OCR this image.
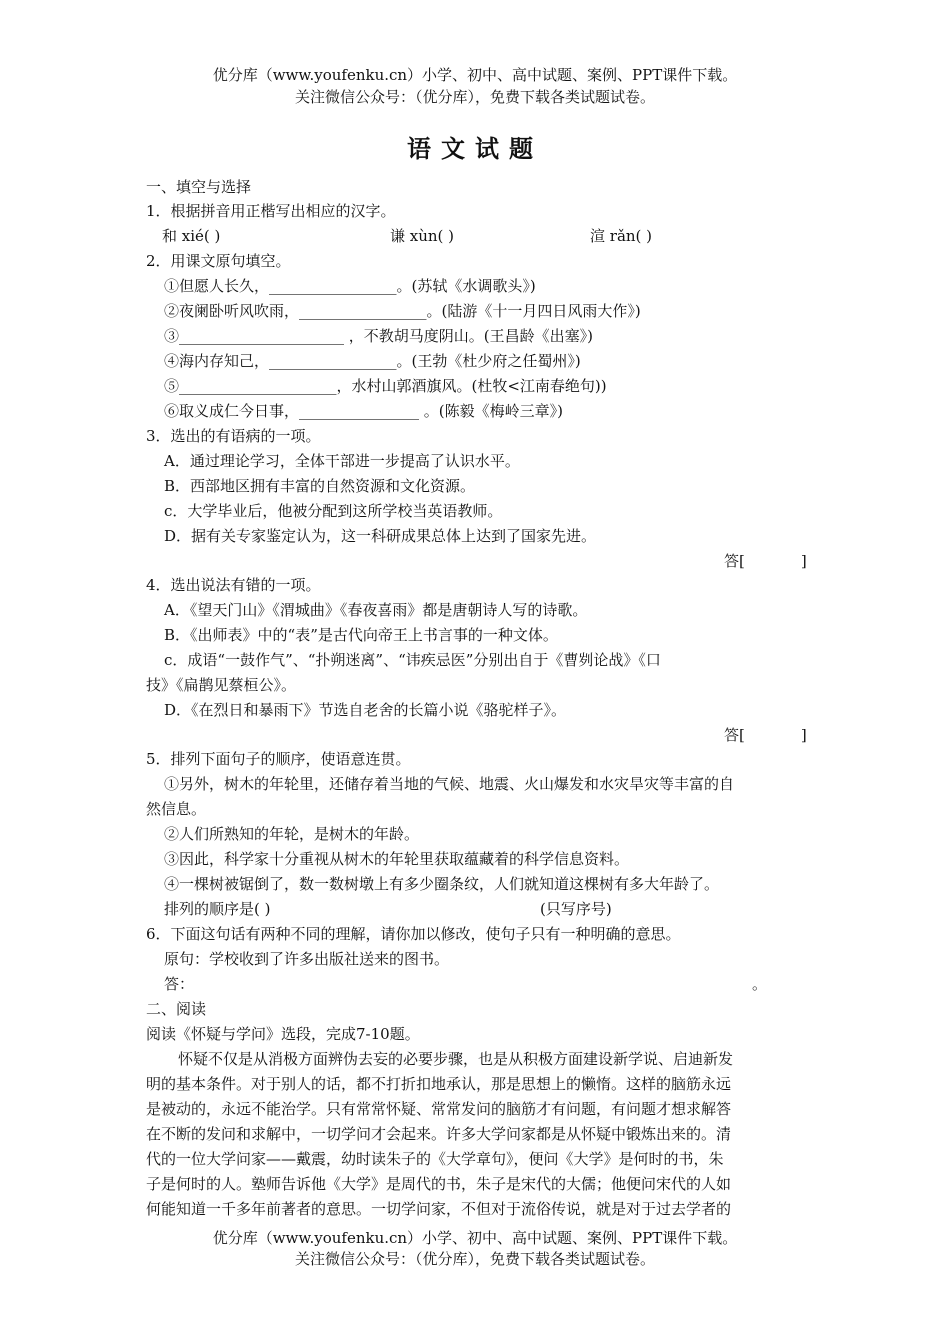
优分库（www.youfenku.cn）小学、初中、高中试题、案例、PPT课件下载。
关注微信公众号：（优分库），免费下载各类试题试卷。
语文试题
一、填空与选择
1．根据拼音用正楷写出相应的汉字。
和 xié( )	谦 xùn( )	渲 rǎn( )
2．用课文原句填空。
①但愿人长久，_________________。(苏轼《水调歌头》)
②夜阑卧听风吹雨，_________________。(陆游《十一月四日风雨大作》)
③______________________ ，不教胡马度阴山。(王昌龄《出塞》)
④海内存知己，_________________。(王勃《杜少府之任蜀州》)
⑤_____________________，水村山郭酒旗风。(杜牧<江南春绝句))
⑥取义成仁今日事，________________ 。(陈毅《梅岭三章》)
3．选出的有语病的一项。
A．通过理论学习，全体干部进一步提高了认识水平。
B．西部地区拥有丰富的自然资源和文化资源。
c．大学毕业后，他被分配到这所学校当英语教师。
D．据有关专家鉴定认为，这一科研成果总体上达到了国家先进。
答[	]
4．选出说法有错的一项。
A．《望天门山》《渭城曲》《春夜喜雨》都是唐朝诗人写的诗歌。
B．《出师表》中的“表”是古代向帝王上书言事的一种文体。
c．成语“一鼓作气”、“扑朔迷离”、“讳疾忌医”分别出自于《曹刿论战》《口
技》《扁鹊见蔡桓公》。
D．《在烈日和暴雨下》节选自老舍的长篇小说《骆驼样子》。
答[	]
5．排列下面句子的顺序，使语意连贯。
①另外，树木的年轮里，还储存着当地的气候、地震、火山爆发和水灾旱灾等丰富的自
然信息。
②人们所熟知的年轮，是树木的年龄。
③因此，科学家十分重视从树木的年轮里获取蕴藏着的科学信息资料。
④一棵树被锯倒了，数一数树墩上有多少圈条纹，人们就知道这棵树有多大年龄了。
排列的顺序是( )	(只写序号)
6．下面这句话有两种不同的理解，请你加以修改，使句子只有一种明确的意思。
原句：学校收到了许多出版社送来的图书。
答：	。
二、阅读
阅读《怀疑与学问》选段，完成7-10题。
怀疑不仅是从消极方面辨伪去妄的必要步骤，也是从积极方面建设新学说、启迪新发
明的基本条件。对于别人的话，都不打折扣地承认，那是思想上的懒惰。这样的脑筋永远
是被动的，永远不能治学。只有常常怀疑、常常发问的脑筋才有问题，有问题才想求解答
在不断的发问和求解中，一切学问才会起来。许多大学问家都是从怀疑中锻炼出来的。清
代的一位大学问家——戴震，幼时读朱子的《大学章句》，便问《大学》是何时的书，朱
子是何时的人。塾师告诉他《大学》是周代的书，朱子是宋代的大儒；他便问宋代的人如
何能知道一千多年前著者的意思。一切学问家，不但对于流俗传说，就是对于过去学者的
优分库（www.youfenku.cn）小学、初中、高中试题、案例、PPT课件下载。
关注微信公众号：（优分库），免费下载各类试题试卷。
